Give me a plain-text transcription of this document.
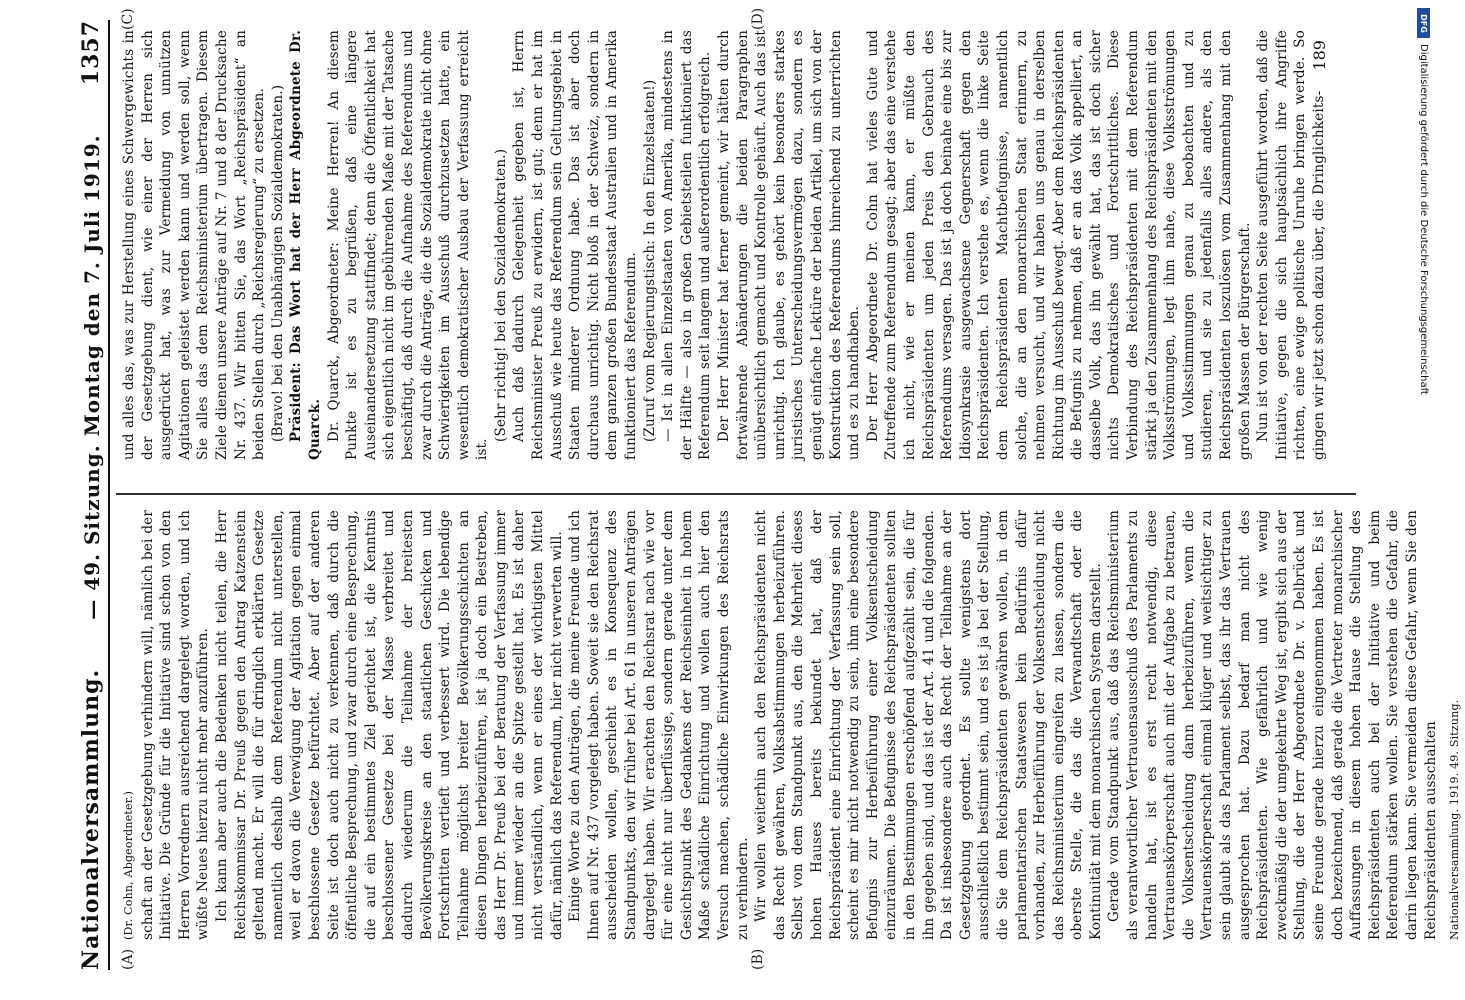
Nationalversammlung.
— 49. Sitzung. Montag den 7. Juli 1919.
1357

(Dr. Cohn, Abgeordneter.) schaft an der Gesetzgebung verhindern will, nämlich bei der Initiative. Die Gründe für die Initiative sind schon von den Herren Vorrednern ausreichend dargelegt worden, und ich wüßte Neues hierzu nicht mehr anzuführen. Ich kann aber auch die Bedenken nicht teilen, die Herr Reichskommissar Dr. Preuß gegen den Antrag Katzenstein geltend macht. Er will die für dringlich erklärten Gesetze namentlich deshalb dem Referendum nicht unterstellen, weil er davon die Verewigung der Agitation gegen einmal beschlossene Gesetze befürchtet. Aber auf der anderen Seite ist doch auch nicht zu verkennen, daß durch die öffentliche Besprechung, und zwar durch eine Besprechung, die auf ein bestimmtes Ziel gerichtet ist, die Kenntnis beschlossener Gesetze bei der Masse verbreitet und dadurch wiederum die Teilnahme der breitesten Bevölkerungskreise an den staatlichen Geschicken und Fortschritten vertieft und verbessert wird. Die lebendige Teilnahme möglichst breiter Bevölkerungsschichten an diesen Dingen herbeizuführen, ist ja doch ein Bestreben, das Herr Dr. Preuß bei der Beratung der Verfassung immer und immer wieder an die Spitze gestellt hat. Es ist daher nicht verständlich, wenn er eines der wichtigsten Mittel dafür, nämlich das Referendum, hier nicht verwerten will. Einige Worte zu den Anträgen, die meine Freunde und ich Ihnen auf Nr. 437 vorgelegt haben. Soweit sie den Reichsrat ausscheiden wollen, geschieht es in Konsequenz des Standpunkts, den wir früher bei Art. 61 in unseren Anträgen dargelegt haben. Wir erachten den Reichsrat nach wie vor für eine nicht nur überflüssige, sondern gerade unter dem Gesichtspunkt des Gedankens der Reichseinheit in hohem Maße schädliche Einrichtung und wollen auch hier den Versuch machen, schädliche Einwirkungen des Reichsrats zu verhindern. Wir wollen weiterhin auch den Reichspräsidenten nicht das Recht gewähren, Volksabstimmungen herbeizuführen. Selbst von dem Standpunkt aus, den die Mehrheit dieses hohen Hauses bereits bekundet hat, daß der Reichspräsident eine Einrichtung der Verfassung sein soll, scheint es mir nicht notwendig zu sein, ihm eine besondere Befugnis zur Herbeiführung einer Volksentscheidung einzuräumen. Die Befugnisse des Reichspräsidenten sollten in den Bestimmungen erschöpfend aufgezählt sein, die für ihn gegeben sind, und das ist der Art. 41 und die folgenden. Da ist insbesondere auch das Recht der Teilnahme an der Gesetzgebung geordnet. Es sollte wenigstens dort ausschließlich bestimmt sein, und es ist ja bei der Stellung, die Sie dem Reichspräsidenten gewähren wollen, in dem parlamentarischen Staatswesen kein Bedürfnis dafür vorhanden, zur Herbeiführung der Volksentscheidung nicht das Reichsministerium eingreifen zu lassen, sondern die oberste Stelle, die das die Verwandtschaft oder die Kontinuität mit dem monarchischen System darstellt. Gerade vom Standpunkt aus, daß das Reichsministerium als verantwortlicher Vertrauensausschuß des Parlaments zu handeln hat, ist es erst recht notwendig, diese Vertrauenskörperschaft auch mit der Aufgabe zu betrauen, die Volksentscheidung dann herbeizuführen, wenn die Vertrauenskörperschaft einmal klüger und weitsichtiger zu sein glaubt als das Parlament selbst, das ihr das Vertrauen ausgesprochen hat. Dazu bedarf man nicht des Reichspräsidenten. Wie gefährlich und wie wenig zweckmäßig die der umgekehrte Weg ist, ergibt sich aus der Stellung, die der Herr Abgeordnete Dr. v. Delbrück und seine Freunde gerade hierzu eingenommen haben. Es ist doch bezeichnend, daß gerade die Vertreter monarchischer Auffassungen in diesem hohen Hause die Stellung des Reichspräsidenten auch bei der Initiative und beim Referendum stärken wollen. Sie verstehen die Gefahr, die darin liegen kann. Sie vermeiden diese Gefahr, wenn Sie den Reichspräsidenten ausschalten Nationalversammlung. 1919. 49. Sitzung.

und alles das, was zur Herstellung eines Schwergewichts in der Gesetzgebung dient, wie einer der Herren sich ausgedrückt hat, was zur Vermeidung von unnützen Agitationen geleistet werden kann und werden soll, wenn Sie alles das dem Reichsministerium übertragen. Diesem Ziele dienen unsere Anträge auf Nr. 7 und 8 der Drucksache Nr. 437. Wir bitten Sie, das Wort „Reichspräsident“ an beiden Stellen durch „Reichsregierung“ zu ersetzen. (Bravo! bei den Unabhängigen Sozialdemokraten.) Präsident: Das Wort hat der Herr Abgeordnete Dr. Quarck. Dr. Quarck, Abgeordneter: Meine Herren! An diesem Punkte ist es zu begrüßen, daß eine längere Auseinandersetzung stattfindet; denn die Öffentlichkeit hat sich eigentlich nicht im gebührenden Maße mit der Tatsache beschäftigt, daß durch die Aufnahme des Referendums und zwar durch die Anträge, die die Sozialdemokratie nicht ohne Schwierigkeiten im Ausschuß durchzusetzen hatte, ein wesentlich demokratischer Ausbau der Verfassung erreicht ist.

(Sehr richtig! bei den Sozialdemokraten.) Auch daß dadurch Gelegenheit gegeben ist, Herrn Reichsminister Preuß zu erwidern, ist gut; denn er hat im Ausschuß wie heute das Referendum sein Geltungsgebiet in Staaten minderer Ordnung habe. Das ist aber doch durchaus unrichtig. Nicht bloß in der Schweiz, sondern in dem ganzen großen Bundesstaat Australien und in Amerika funktioniert das Referendum. (Zuruf vom Regierungstisch: In den Einzelstaaten!) — Ist in allen Einzelstaaten von Amerika, mindestens in der Hälfte — also in großen Gebietsteilen funktioniert das Referendum seit langem und außerordentlich erfolgreich. Der Herr Minister hat ferner gemeint, wir hätten durch fortwährende Abänderungen die beiden Paragraphen unübersichtlich gemacht und Kontrolle gehäuft. Auch das ist unrichtig. Ich glaube, es gehört kein besonders starkes juristisches Unterscheidungsvermögen dazu, sondern es genügt einfache Lektüre der beiden Artikel, um sich von der Konstruktion des Referendums hinreichend zu unterrichten und es zu handhaben. Der Herr Abgeordnete Dr. Cohn hat vieles Gute und Zutreffende zum Referendum gesagt; aber das eine verstehe ich nicht, wie er meinen kann, er müßte den Reichspräsidenten um jeden Preis den Gebrauch des Referendums versagen. Das ist ja doch beinahe eine bis zur Idiosynkrasie ausgewachsene Gegnerschaft gegen den Reichspräsidenten. Ich verstehe es, wenn die linke Seite dem Reichspräsidenten Machtbefugnisse, namentlich solche, die an den monarchischen Staat erinnern, zu nehmen versucht, und wir haben uns genau in derselben Richtung im Ausschuß bewegt. Aber dem Reichspräsidenten die Befugnis zu nehmen, daß er an das Volk appelliert, an dasselbe Volk, das ihn gewählt hat, das ist doch sicher nichts Demokratisches und Fortschrittliches. Diese Verbindung des Reichspräsidenten mit dem Referendum stärkt ja den Zusammenhang des Reichspräsidenten mit den Volksströmungen, legt ihm nahe, diese Volksströmungen und Volksstimmungen genau zu beobachten und zu studieren, und sie zu jedenfalls alles andere, als den Reichspräsidenten loszulösen vom Zusammenhang mit den großen Massen der Bürgerschaft. Nun ist von der rechten Seite ausgeführt worden, daß die Initiative, gegen die sich hauptsächlich ihre Angriffe richten, eine ewige politische Unruhe bringen werde. So gingen wir jetzt schon dazu über, die Dringlichkeits-

(A)	(B)
(C)	(D)
189
DFG
Digitalisierung gefördert durch die Deutsche Forschungsgemeinschaft
